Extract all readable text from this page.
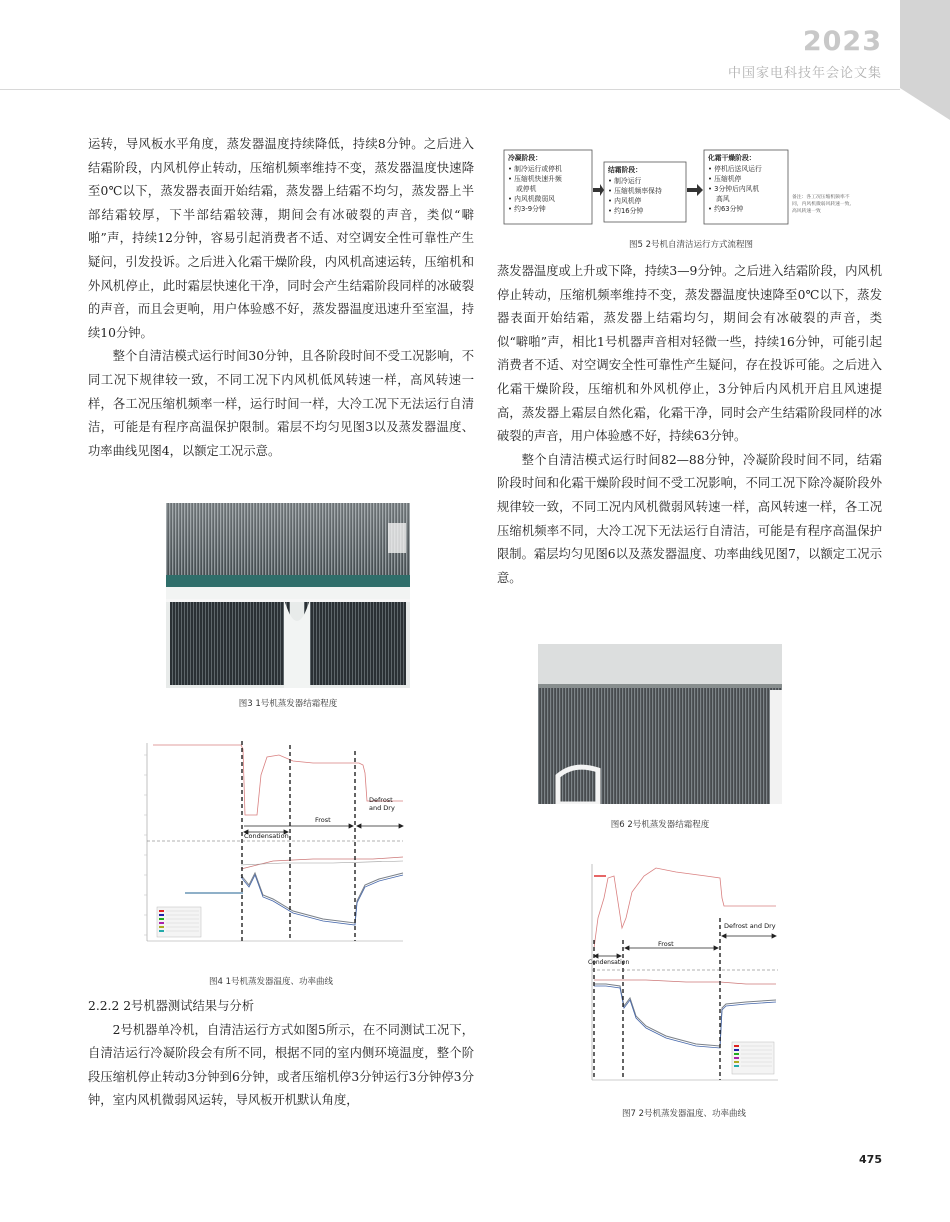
2023
中国家电科技年会论文集

运转，导风板水平角度，蒸发器温度持续降低，持续8分钟。之后进入结霜阶段，内风机停止转动，压缩机频率维持不变，蒸发器温度快速降至0℃以下，蒸发器表面开始结霜，蒸发器上结霜不均匀，蒸发器上半部结霜较厚，下半部结霜较薄，期间会有冰破裂的声音，类似“噼啪”声，持续12分钟，容易引起消费者不适、对空调安全性可靠性产生疑问，引发投诉。之后进入化霜干燥阶段，内风机高速运转，压缩机和外风机停止，此时霜层快速化干净，同时会产生结霜阶段同样的冰破裂的声音，而且会更响，用户体验感不好，蒸发器温度迅速升至室温，持续10分钟。

整个自清洁模式运行时间30分钟，且各阶段时间不受工况影响，不同工况下规律较一致，不同工况下内风机低风转速一样，高风转速一样，各工况压缩机频率一样，运行时间一样，大冷工况下无法运行自清洁，可能是有程序高温保护限制。霜层不均匀见图3以及蒸发器温度、功率曲线见图4，以额定工况示意。

图3 1号机蒸发器结霜程度
Condensation
Frost
Defrost
and Dry
图4 1号机蒸发器温度、功率曲线

2.2.2 2号机器测试结果与分析

2号机器单冷机，自清洁运行方式如图5所示，在不同测试工况下，自清洁运行冷凝阶段会有所不同，根据不同的室内侧环境温度，整个阶段压缩机停止转动3分钟到6分钟，或者压缩机停3分钟运行3分钟停3分钟，室内风机微弱风运转，导风板开机默认角度，

冷凝阶段：
• 制冷运行或停机
• 压缩机快速升频
或停机
• 内风机微弱风
• 约3-9分钟
结霜阶段：
• 制冷运行
• 压缩机频率保持
• 内风机停
• 约16分钟
化霜干燥阶段：
• 停机后送风运行
• 压缩机停
• 3分钟后内风机
高风
• 约63分钟
备注：各工况压缩机频率不
同，内风机微弱风转速一致、
高风转速一致
图5 2号机自清洁运行方式流程图

蒸发器温度或上升或下降，持续3—9分钟。之后进入结霜阶段，内风机停止转动，压缩机频率维持不变，蒸发器温度快速降至0℃以下，蒸发器表面开始结霜，蒸发器上结霜均匀，期间会有冰破裂的声音，类似“噼啪”声，相比1号机器声音相对轻微一些，持续16分钟，可能引起消费者不适、对空调安全性可靠性产生疑问，存在投诉可能。之后进入化霜干燥阶段，压缩机和外风机停止，3分钟后内风机开启且风速提高，蒸发器上霜层自然化霜，化霜干净，同时会产生结霜阶段同样的冰破裂的声音，用户体验感不好，持续63分钟。

整个自清洁模式运行时间82—88分钟，冷凝阶段时间不同，结霜阶段时间和化霜干燥阶段时间不受工况影响，不同工况下除冷凝阶段外规律较一致，不同工况内风机微弱风转速一样，高风转速一样，各工况压缩机频率不同，大冷工况下无法运行自清洁，可能是有程序高温保护限制。霜层均匀见图6以及蒸发器温度、功率曲线见图7，以额定工况示意。

图6 2号机蒸发器结霜程度
Condensation
Frost
Defrost and Dry
图7 2号机蒸发器温度、功率曲线
475
